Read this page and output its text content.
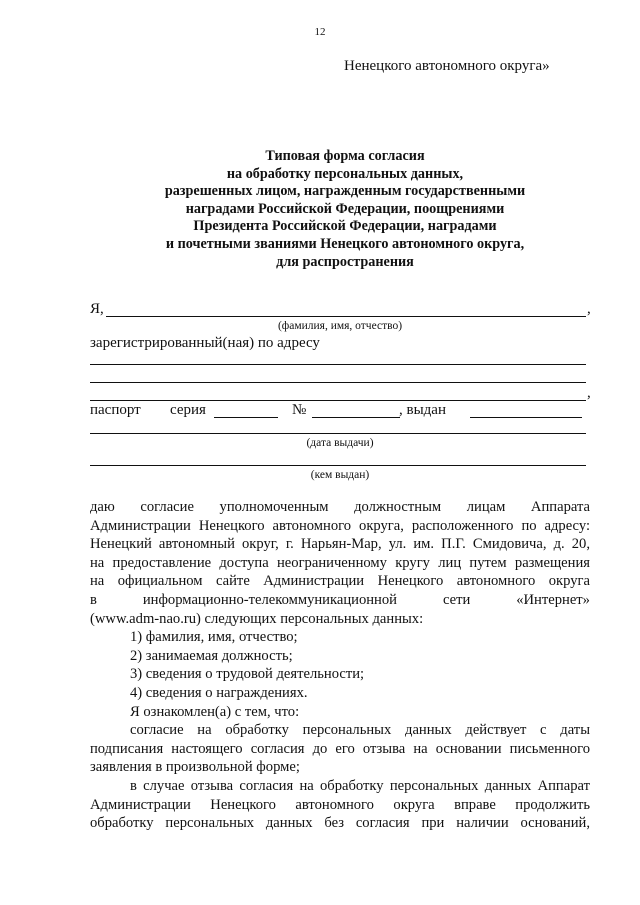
12
Ненецкого автономного округа»
Типовая форма согласия
на обработку персональных данных,
разрешенных лицом, награжденным государственными
наградами Российской Федерации, поощрениями
Президента Российской Федерации, наградами
и почетными званиями Ненецкого автономного округа,
для распространения
Я,	,
(фамилия, имя, отчество)
зарегистрированный(ная) по адресу
,
паспорт серия	№	, выдан
(дата выдачи)
(кем выдан)

даю согласие уполномоченным должностным лицам Аппарата

Администрации Ненецкого автономного округа, расположенного по адресу:

Ненецкий автономный округ, г. Нарьян-Мар, ул. им. П.Г. Смидовича, д. 20,

на предоставление доступа неограниченному кругу лиц путем размещения

на официальном сайте Администрации Ненецкого автономного округа

в	информационно-телекоммуникационной	сети	«Интернет»

(www.adm-nao.ru) следующих персональных данных:

1) фамилия, имя, отчество;

2) занимаемая должность;

3) сведения о трудовой деятельности;

4) сведения о награждениях.

Я ознакомлен(а) с тем, что:

согласие на обработку персональных данных действует с даты

подписания настоящего согласия до его отзыва на основании письменного

заявления в произвольной форме;

в случае отзыва согласия на обработку персональных данных Аппарат

Администрации Ненецкого автономного округа вправе продолжить

обработку персональных данных без согласия при наличии оснований,
